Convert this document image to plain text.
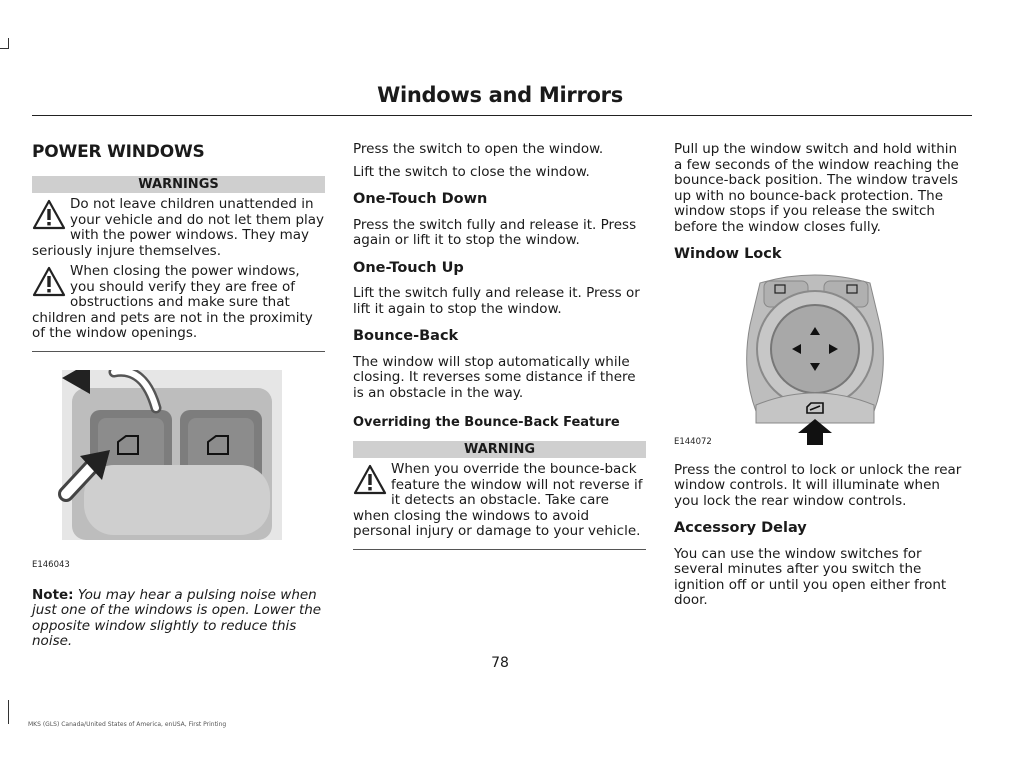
Windows and Mirrors
POWER WINDOWS
WARNINGS
Do not leave children unattended in your vehicle and do not let them play with the power windows. They may seriously injure themselves.
When closing the power windows, you should verify they are free of obstructions and make sure that children and pets are not in the proximity of the window openings.
E146043

Note: You may hear a pulsing noise when just one of the windows is open. Lower the opposite window slightly to reduce this noise.

Press the switch to open the window.

Lift the switch to close the window.

One-Touch Down

Press the switch fully and release it. Press again or lift it to stop the window.

One-Touch Up

Lift the switch fully and release it. Press or lift it again to stop the window.

Bounce-Back

The window will stop automatically while closing. It reverses some distance if there is an obstacle in the way.

Overriding the Bounce-Back Feature
WARNING
When you override the bounce-back feature the window will not reverse if it detects an obstacle. Take care when closing the windows to avoid personal injury or damage to your vehicle.

Pull up the window switch and hold within a few seconds of the window reaching the bounce-back position. The window travels up with no bounce-back protection. The window stops if you release the switch before the window closes fully.

Window Lock
E144072

Press the control to lock or unlock the rear window controls. It will illuminate when you lock the rear window controls.

Accessory Delay

You can use the window switches for several minutes after you switch the ignition off or until you open either front door.

78
MKS (GLS) Canada/United States of America, enUSA, First Printing
